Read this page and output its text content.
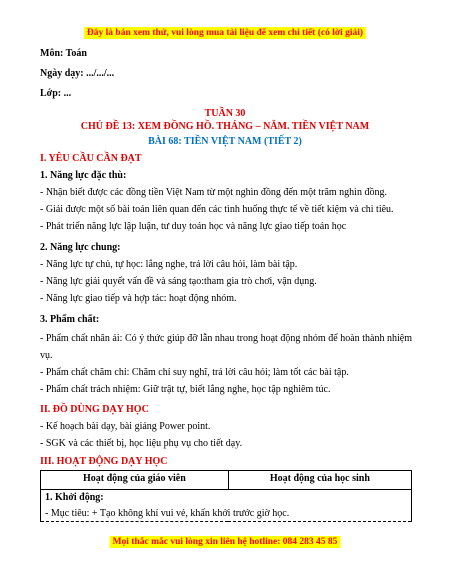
Đây là bản xem thử, vui lòng mua tài liệu để xem chi tiết (có lời giải)
Môn: Toán
Ngày dạy: .../.../...
Lớp: ...
TUẦN 30
CHỦ ĐỀ 13: XEM ĐỒNG HỒ. THÁNG – NĂM. TIỀN VIỆT NAM
BÀI 68: TIỀN VIỆT NAM (TIẾT 2)
I. YÊU CẦU CẦN ĐẠT
1. Năng lực đặc thù:
- Nhận biết được các đồng tiền Việt Nam từ một nghìn đồng đến một trăm nghìn đồng.
- Giải được một số bài toán liên quan đến các tình huống thực tế về tiết kiệm và chi tiêu.
- Phát triển năng lực lập luận, tư duy toán học và năng lực giao tiếp toán học
2. Năng lực chung:
- Năng lực tự chủ, tự học: lắng nghe, trả lời câu hỏi, làm bài tập.
- Năng lực giải quyết vấn đề và sáng tạo:tham gia trò chơi, vận dụng.
- Năng lực giao tiếp và hợp tác: hoạt động nhóm.
3. Phẩm chất:
- Phẩm chất nhân ái: Có ý thức giúp đỡ lẫn nhau trong hoạt động nhóm để hoàn thành nhiệm vụ.
- Phẩm chất chăm chỉ: Chăm chỉ suy nghĩ, trả lời câu hỏi; làm tốt các bài tập.
- Phẩm chất trách nhiệm: Giữ trật tự, biết lắng nghe, học tập nghiêm túc.
II. ĐỒ DÙNG DẠY HỌC
- Kế hoạch bài dạy, bài giảng Power point.
- SGK và các thiết bị, học liệu phụ vụ cho tiết dạy.
III. HOẠT ĐỘNG DẠY HỌC
Hoạt động của giáo viên	Hoạt động của học sinh

1. Khởi động:
- Mục tiêu: + Tạo không khí vui vẻ, khấn khởi trước giờ học.
Mọi thắc mắc vui lòng xin liên hệ hotline: 084 283 45 85
